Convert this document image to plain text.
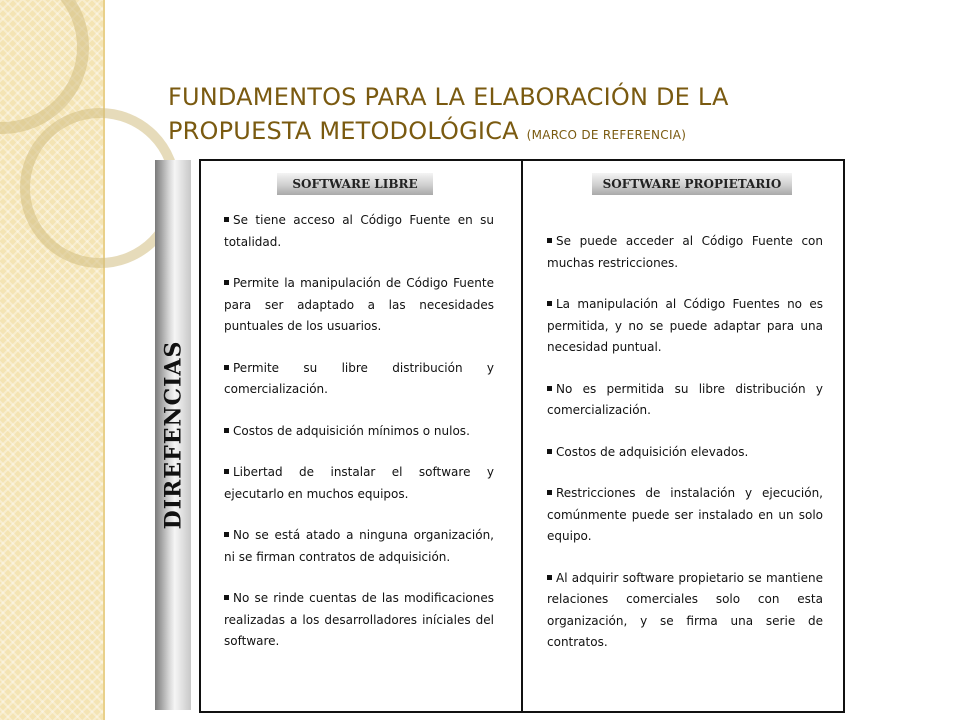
FUNDAMENTOS PARA LA ELABORACIÓN DE LA
PROPUESTA METODOLÓGICA (MARCO DE REFERENCIA)
DIREFENCIAS
SOFTWARE LIBRE
Se tiene acceso al Código Fuente en su totalidad.
Permite la manipulación de Código Fuente para ser adaptado a las necesidades puntuales de los usuarios.
Permite su libre distribución y comercialización.
Costos de adquisición mínimos o nulos.
Libertad de instalar el software y ejecutarlo en muchos equipos.
No se está atado a ninguna organización, ni se firman contratos de adquisición.
No se rinde cuentas de las modificaciones realizadas a los desarrolladores iníciales del software.
SOFTWARE PROPIETARIO
Se puede acceder al Código Fuente con muchas restricciones.
La manipulación al Código Fuentes no es permitida, y no se puede adaptar para una necesidad puntual.
No es permitida su libre distribución y comercialización.
Costos de adquisición elevados.
Restricciones de instalación y ejecución, comúnmente puede ser instalado en un solo equipo.
Al adquirir software propietario se mantiene relaciones comerciales solo con esta organización, y se firma una serie de contratos.
